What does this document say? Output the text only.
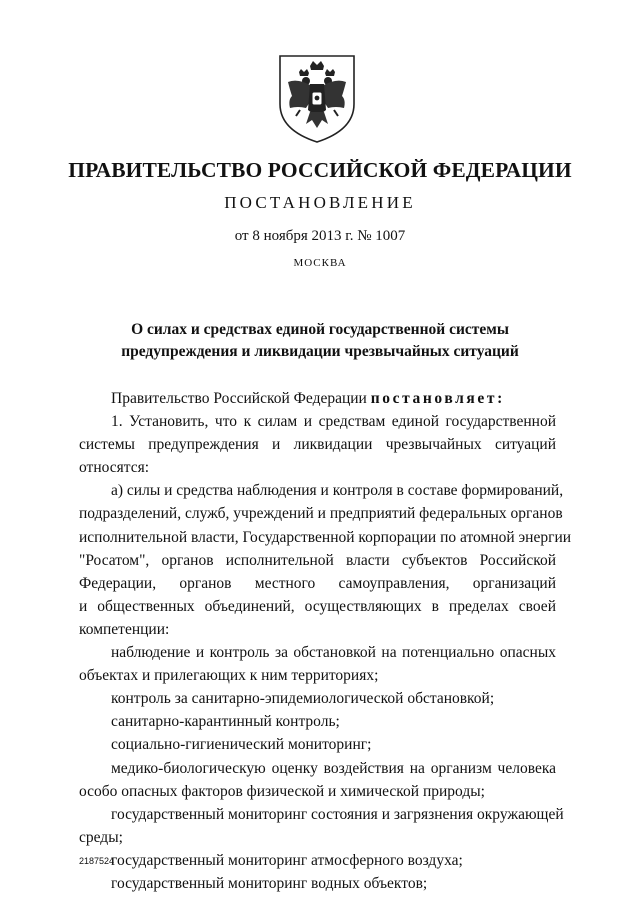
ПРАВИТЕЛЬСТВО РОССИЙСКОЙ ФЕДЕРАЦИИ
ПОСТАНОВЛЕНИЕ
от 8 ноября 2013 г. № 1007
МОСКВА
О силах и средствах единой государственной системы
предупреждения и ликвидации чрезвычайных ситуаций
Правительство Российской Федерации постановляет:
1. Установить, что к силам и средствам единой государственной
системы предупреждения и ликвидации чрезвычайных ситуаций
относятся:
а) силы и средства наблюдения и контроля в составе формирований,
подразделений, служб, учреждений и предприятий федеральных органов
исполнительной власти, Государственной корпорации по атомной энергии
"Росатом", органов исполнительной власти субъектов Российской
Федерации, органов местного самоуправления, организаций
и общественных объединений, осуществляющих в пределах своей
компетенции:
наблюдение и контроль за обстановкой на потенциально опасных
объектах и прилегающих к ним территориях;
контроль за санитарно-эпидемиологической обстановкой;
санитарно-карантинный контроль;
социально-гигиенический мониторинг;
медико-биологическую оценку воздействия на организм человека
особо опасных факторов физической и химической природы;
государственный мониторинг состояния и загрязнения окружающей
среды;
государственный мониторинг атмосферного воздуха;
государственный мониторинг водных объектов;
2187524
